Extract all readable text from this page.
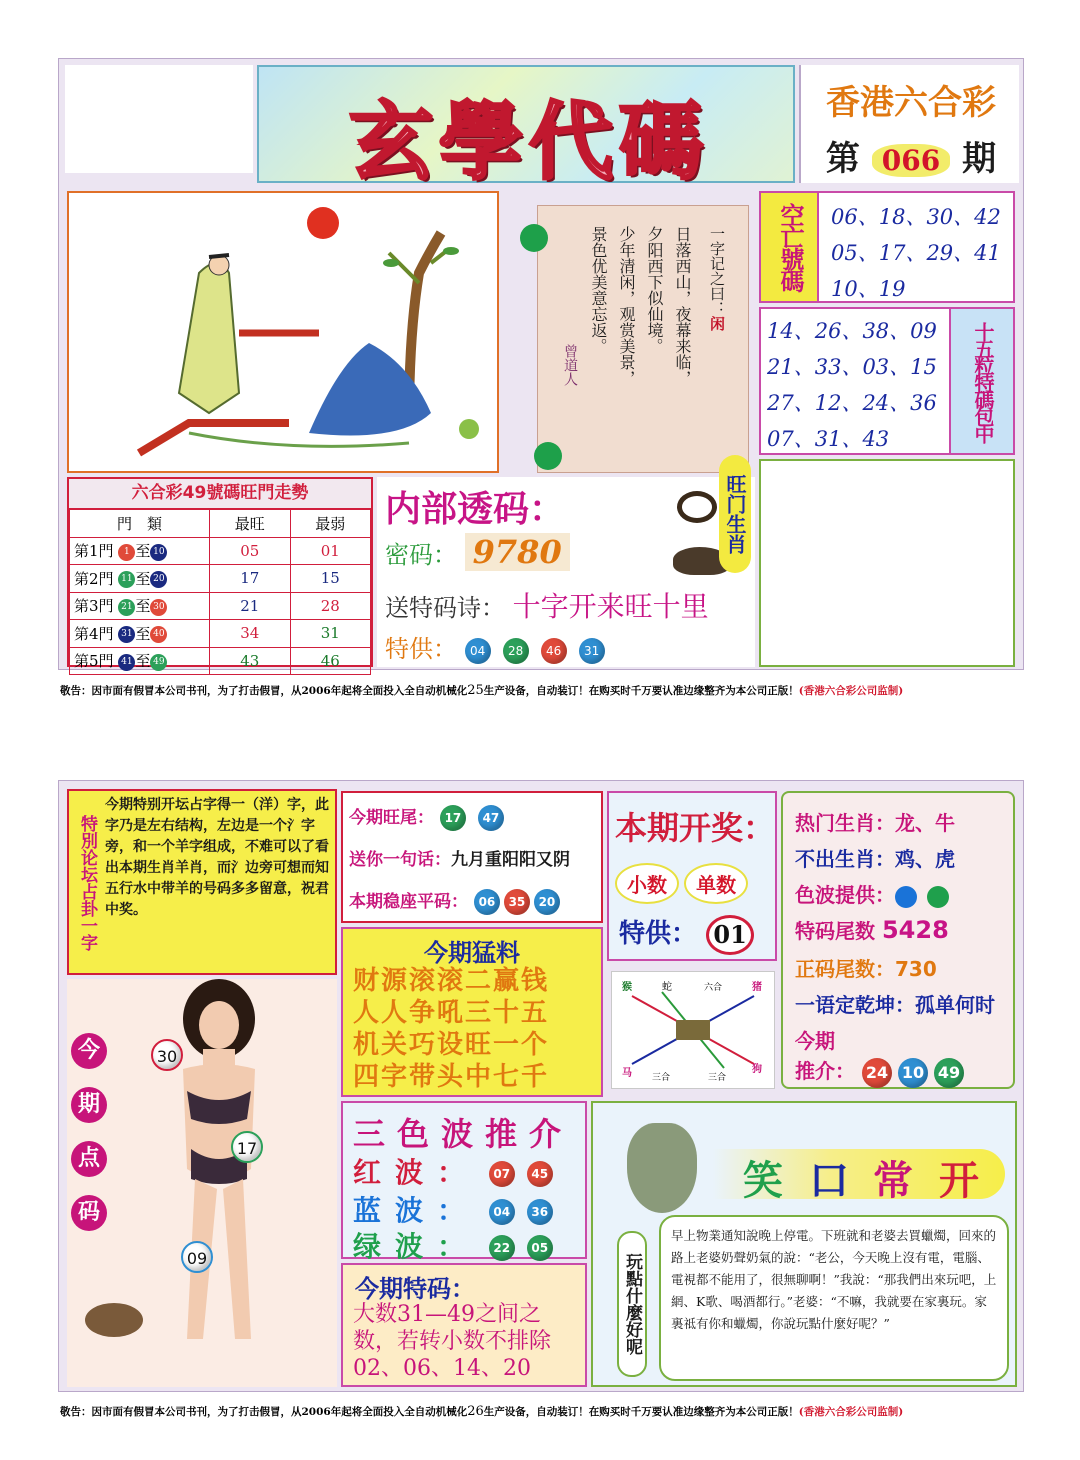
玄學代碼	香港六合彩
第 066 期
一字记之曰：闲
日落西山，夜幕来临，
夕阳西下似仙境。
少年清闲，观赏美景，
景色优美意忘返。
曾道人
空亡號碼	06、18、30、42
05、17、29、41
10、19
14、26、38、09
21、33、03、15
27、12、24、36
07、31、43	十五粒特碼包中
六合彩49號碼旺門走勢
門　類	最旺	最弱
第1門 1 至 10	05	01
第2門 11 至 20	17	15
第3門 21 至 30	21	28
第4門 31 至 40	34	31
第5門 41 至 49	43	46
内部透码：
密码： 9780
送特码诗： 十字开来旺十里
特供： 04 28 46 31
旺门生肖
敬告：因市面有假冒本公司书刊，为了打击假冒，从2006年起将全面投入全自动机械化25生产设备，自动装订！在购买时千万要认准边缘整齐为本公司正版！(香港六合彩公司监制)
特別论坛占卦一字
今期特别开坛占字得一（洋）字，此字乃是左右结构，左边是一个氵字旁，和一个羊字组成，不难可以了看出本期生肖羊肖，而氵边旁可想而知五行水中带羊的号码多多留意，祝君中奖。
今期旺尾： 17 47
送你一句话：九月重阳阳又阴
本期稳座平码： 06 35 20
本期开奖：
小数 单数
特供： 01
热门生肖：龙、牛
不出生肖：鸡、虎
色波提供：
特码尾数 5428
正码尾数：730
一语定乾坤：孤单何时
今期
推介： 24 10 49
今期猛料
财源滚滚二赢钱
人人争吼三十五
机关巧设旺一个
四字带头中七千
猴	蛇	六合	猪
马 三合	三合
狗
今
期
点
码
30
17
09
三色波推介
红波： 07 45
蓝波： 04 36
绿波： 22 05
今期特码：
大数31—49之间之数，若转小数不排除02、06、14、20
笑 口 常 开
玩點什麼好呢
早上物業通知說晚上停電。下班就和老婆去買蠟燭，回來的路上老婆奶聲奶氣的說：“老公，今天晚上沒有電，電腦、電視都不能用了，很無聊啊！”我說：“那我們出來玩吧，上網、K歌、喝酒都行。”老婆：“不嘛，我就要在家裏玩。家裏祗有你和蠟燭，你說玩點什麼好呢？”
敬告：因市面有假冒本公司书刊，为了打击假冒，从2006年起将全面投入全自动机械化26生产设备，自动装订！在购买时千万要认准边缘整齐为本公司正版！(香港六合彩公司监制)
